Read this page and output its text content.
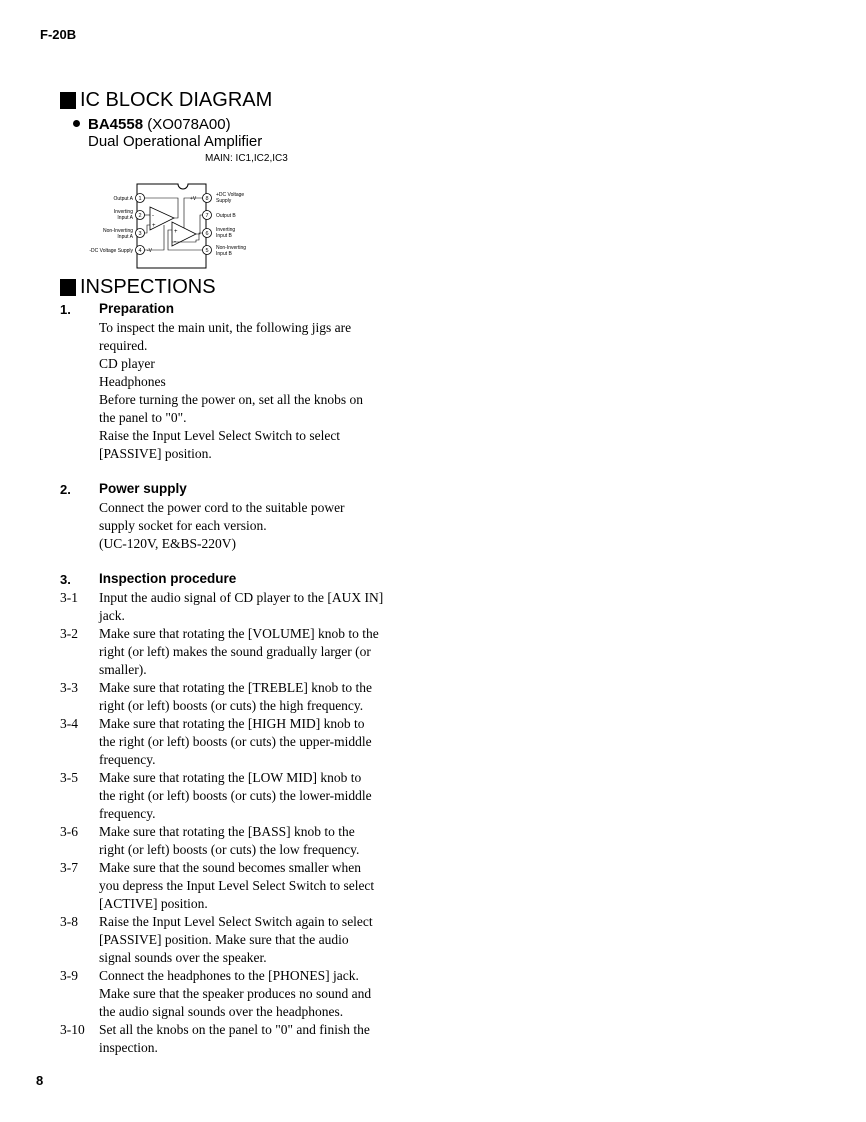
F-20B
IC BLOCK DIAGRAM
BA4558 (XO078A00)
Dual Operational Amplifier
MAIN: IC1,IC2,IC3
1
2
3
4	5
6
7
8
-
+
+
-
+V
-V
Output A
Inverting
Input A
Non-Inverting
Input A
-DC Voltage Supply
+DC Voltage
Supply
Output B
Inverting
Input B
Non-Inverting
Input B
INSPECTIONS
1. Preparation
To inspect the main unit, the following jigs are
required.
CD player
Headphones
Before turning the power on, set all the knobs on
the panel to "0".
Raise the Input Level Select Switch to select
[PASSIVE] position.
2. Power supply
Connect the power cord to the suitable power
supply socket for each version.
(UC-120V, E&BS-220V)
3. Inspection procedure
3-1 Input the audio signal of CD player to the [AUX IN]
jack.
3-2 Make sure that rotating the [VOLUME] knob to the
right (or left) makes the sound gradually larger (or
smaller).
3-3 Make sure that rotating the [TREBLE] knob to the
right (or left) boosts (or cuts) the high frequency.
3-4 Make sure that rotating the [HIGH MID] knob to
the right (or left) boosts (or cuts) the upper-middle
frequency.
3-5 Make sure that rotating the [LOW MID] knob to
the right (or left) boosts (or cuts) the lower-middle
frequency.
3-6 Make sure that rotating the [BASS] knob to the
right (or left) boosts (or cuts) the low frequency.
3-7 Make sure that the sound becomes smaller when
you depress the Input Level Select Switch to select
[ACTIVE] position.
3-8 Raise the Input Level Select Switch again to select
[PASSIVE] position. Make sure that the audio
signal sounds over the speaker.
3-9 Connect the headphones to the [PHONES] jack.
Make sure that the speaker produces no sound and
the audio signal sounds over the headphones.
3-10 Set all the knobs on the panel to "0" and finish the
inspection.
8
